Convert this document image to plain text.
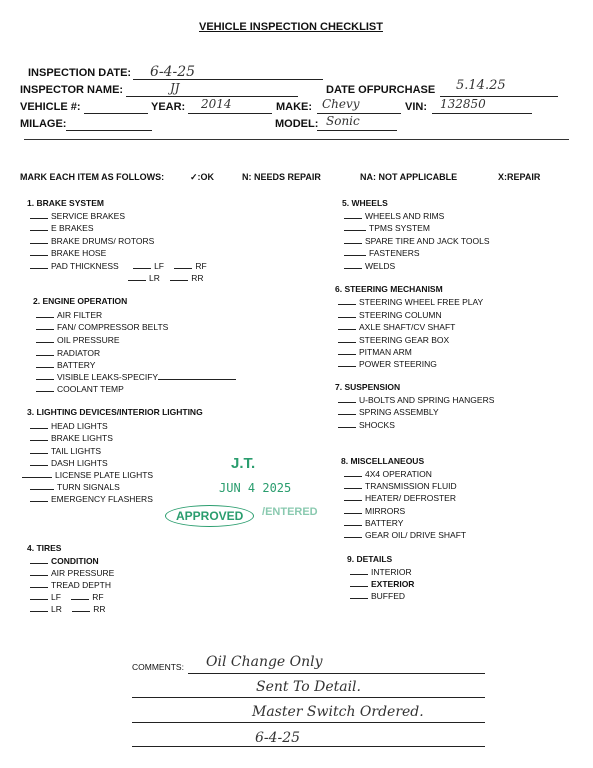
VEHICLE INSPECTION CHECKLIST
INSPECTION DATE: 6-4-25
INSPECTOR NAME:	JJ	DATE OFPURCHASE 5.14.25
VEHICLE #:	YEAR: 2014	MAKE: Chevy	VIN: 132850
MILAGE:	MODEL: Sonic
MARK EACH ITEM AS FOLLOWS:	✓:OK	N: NEEDS REPAIR	NA: NOT APPLICABLE	X:REPAIR
1. BRAKE SYSTEM
SERVICE BRAKES
E BRAKES
BRAKE DRUMS/ ROTORS
BRAKE HOSE
PAD THICKNESS	LF	RF
LR	RR
2. ENGINE OPERATION
AIR FILTER
FAN/ COMPRESSOR BELTS
OIL PRESSURE
RADIATOR
BATTERY
VISIBLE LEAKS-SPECIFY
COOLANT TEMP
3. LIGHTING DEVICES/INTERIOR LIGHTING
HEAD LIGHTS
BRAKE LIGHTS
TAIL LIGHTS
DASH LIGHTS
LICENSE PLATE LIGHTS
TURN SIGNALS
EMERGENCY FLASHERS
4. TIRES
CONDITION
AIR PRESSURE
TREAD DEPTH
LF	RF
LR	RR
5. WHEELS
WHEELS AND RIMS
TPMS SYSTEM
SPARE TIRE AND JACK TOOLS
FASTENERS
WELDS
6. STEERING MECHANISM
STEERING WHEEL FREE PLAY
STEERING COLUMN
AXLE SHAFT/CV SHAFT
STEERING GEAR BOX
PITMAN ARM
POWER STEERING
7. SUSPENSION
U-BOLTS AND SPRING HANGERS
SPRING ASSEMBLY
SHOCKS
8. MISCELLANEOUS
4X4 OPERATION
TRANSMISSION FLUID
HEATER/ DEFROSTER
MIRRORS
BATTERY
GEAR OIL/ DRIVE SHAFT
9. DETAILS
INTERIOR
EXTERIOR
BUFFED
J.T.
JUN 4 2025
APPROVED	/ENTERED
COMMENTS: Oil Change Only
Sent To Detail.
Master Switch Ordered.
6-4-25
